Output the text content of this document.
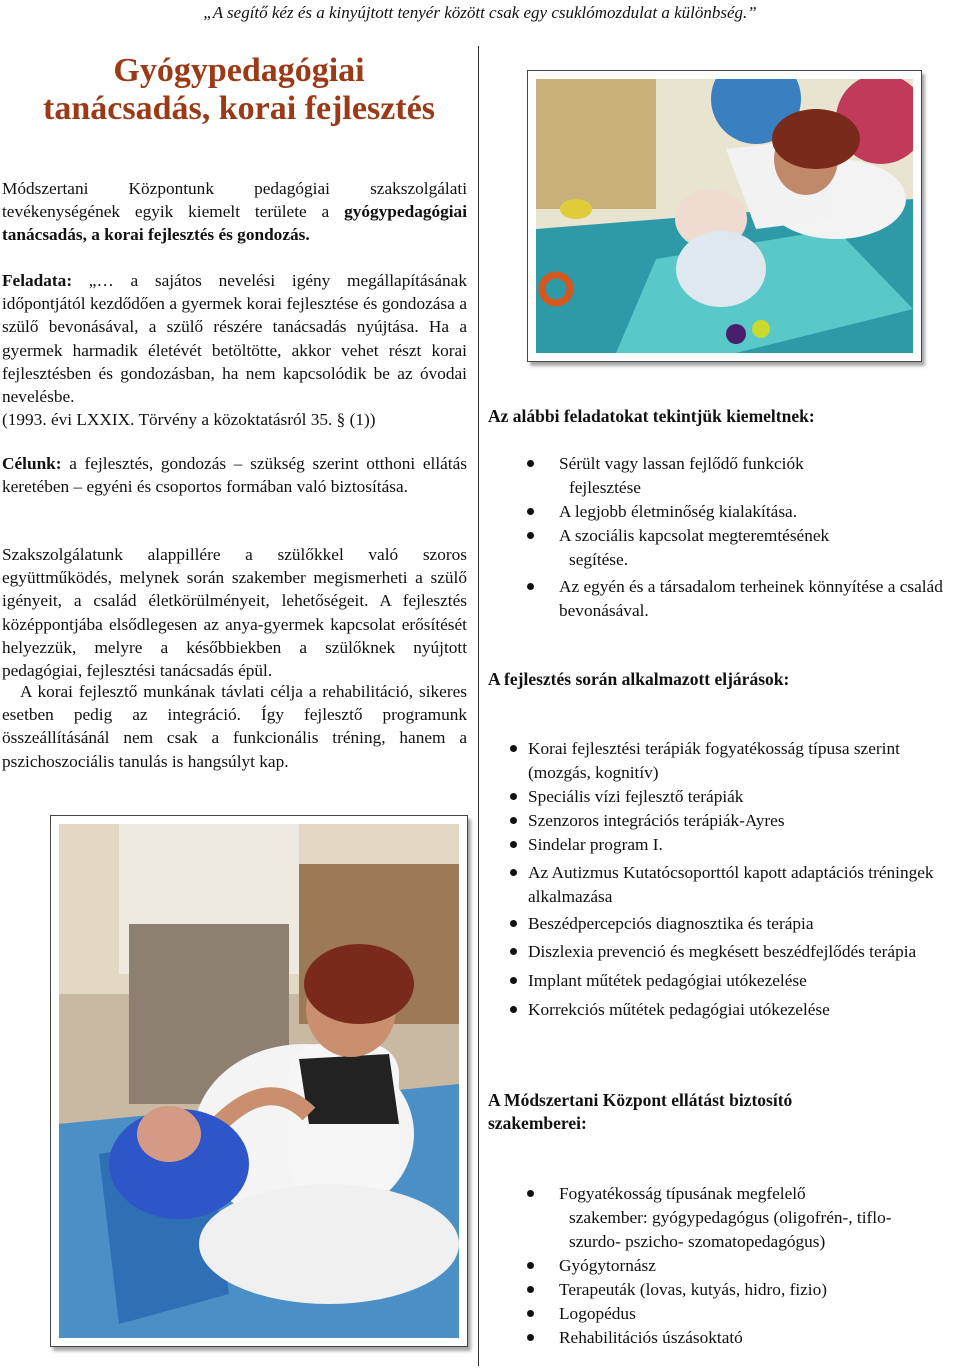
„A segítő kéz és a kinyújtott tenyér között csak egy csuklómozdulat a különbség.”
Gyógypedagógiai
tanácsadás, korai fejlesztés
Módszertani Központunk pedagógiai szakszolgálati tevékenységének egyik kiemelt területe a gyógypedagógiai tanácsadás, a korai fejlesztés és gondozás.
Feladata: „… a sajátos nevelési igény megállapításának időpontjától kezdődően a gyermek korai fejlesztése és gondozása a szülő bevonásával, a szülő részére tanácsadás nyújtása. Ha a gyermek harmadik életévét betöltötte, akkor vehet részt korai fejlesztésben és gondozásban, ha nem kapcsolódik be az óvodai nevelésbe.
(1993. évi LXXIX. Törvény a közoktatásról 35. § (1))
Célunk: a fejlesztés, gondozás – szükség szerint otthoni ellátás keretében – egyéni és csoportos formában való biztosítása.
Szakszolgálatunk alappillére a szülőkkel való szoros együttműködés, melynek során szakember megismerheti a szülő igényeit, a család életkörülményeit, lehetőségeit. A fejlesztés középpontjába elsődlegesen az anya-gyermek kapcsolat erősítését helyezzük, melyre a későbbiekben a szülőknek nyújtott pedagógiai, fejlesztési tanácsadás épül.
A korai fejlesztő munkának távlati célja a rehabilitáció, sikeres esetben pedig az integráció. Így fejlesztő programunk összeállításánál nem csak a funkcionális tréning, hanem a pszichoszociális tanulás is hangsúlyt kap.
Az alábbi feladatokat tekintjük kiemeltnek:
Sérült vagy lassan fejlődő funkciók
fejlesztése
A legjobb életminőség kialakítása.
A szociális kapcsolat megteremtésének
segítése.
Az egyén és a társadalom terheinek könnyítése a család bevonásával.
A fejlesztés során alkalmazott eljárások:
Korai fejlesztési terápiák fogyatékosság típusa szerint (mozgás, kognitív)
Speciális vízi fejlesztő terápiák
Szenzoros integrációs terápiák-Ayres
Sindelar program I.
Az Autizmus Kutatócsoporttól kapott adaptációs tréningek alkalmazása
Beszédpercepciós diagnosztika és terápia
Diszlexia prevenció és megkésett beszédfejlődés terápia
Implant műtétek pedagógiai utókezelése
Korrekciós műtétek pedagógiai utókezelése
A Módszertani Központ ellátást biztosító
szakemberei:
Fogyatékosság típusának megfelelő
szakember: gyógypedagógus (oligofrén-, tiflo-
szurdo- pszicho- szomatopedagógus)
Gyógytornász
Terapeuták (lovas, kutyás, hidro, fizio)
Logopédus
Rehabilitációs úszásoktató
